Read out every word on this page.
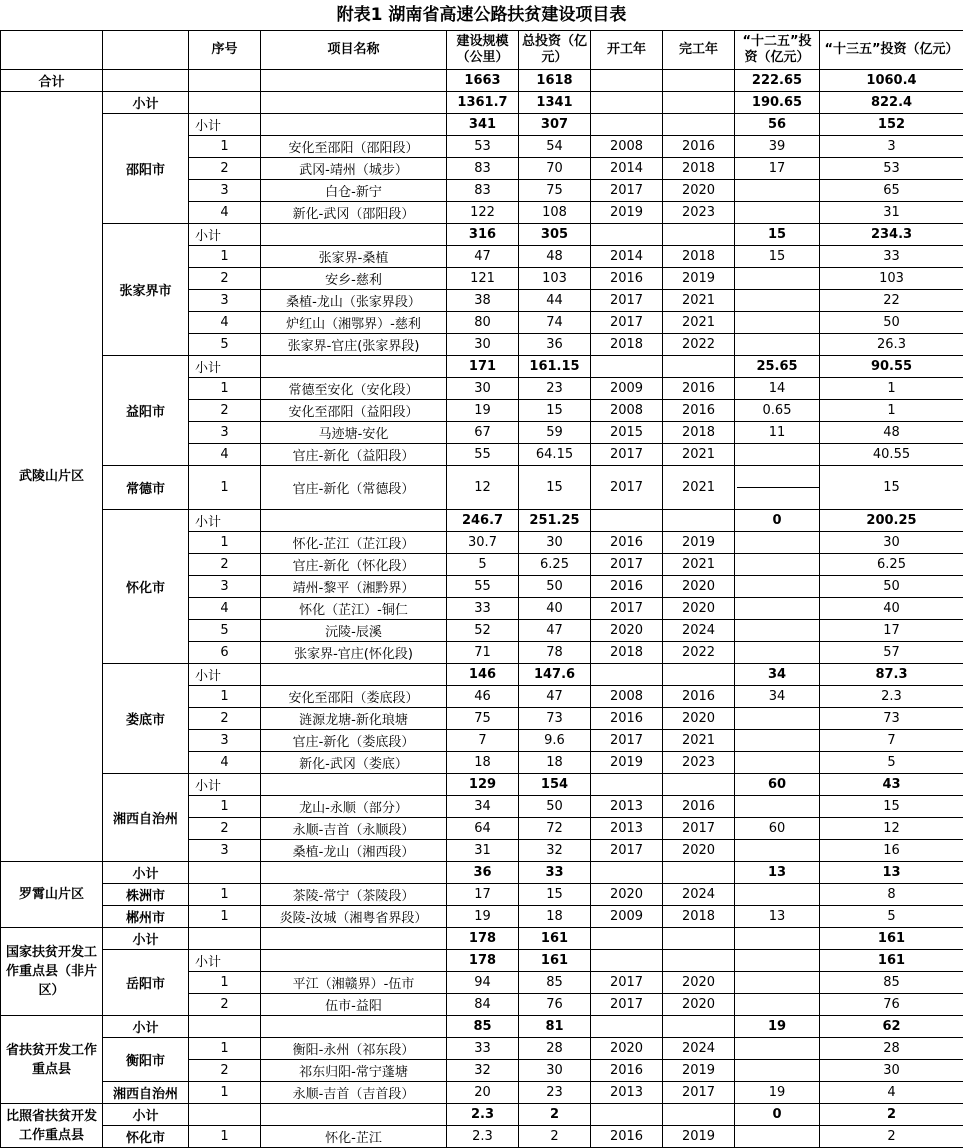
附表1 湖南省高速公路扶贫建设项目表
		序号	项目名称	建设规模（公里）	总投资（亿元）	开工年	完工年	“十二五”投资（亿元）	“十三五”投资（亿元）
合计				1663	1618			222.65	1060.4
武陵山片区	小计			1361.7	1341			190.65	822.4
	邵阳市	小计		341	307			56	152
		1	安化至邵阳（邵阳段）	53	54	2008	2016	39	3
		2	武冈-靖州（城步）	83	70	2014	2018	17	53
		3	白仓-新宁	83	75	2017	2020		65
		4	新化-武冈（邵阳段）	122	108	2019	2023		31
	张家界市	小计		316	305			15	234.3
		1	张家界-桑植	47	48	2014	2018	15	33
		2	安乡-慈利	121	103	2016	2019		103
		3	桑植-龙山（张家界段）	38	44	2017	2021		22
		4	炉红山（湘鄂界）-慈利	80	74	2017	2021		50
		5	张家界-官庄(张家界段)	30	36	2018	2022		26.3
	益阳市	小计		171	161.15			25.65	90.55
		1	常德至安化（安化段）	30	23	2009	2016	14	1
		2	安化至邵阳（益阳段）	19	15	2008	2016	0.65	1
		3	马迹塘-安化	67	59	2015	2018	11	48
		4	官庄-新化（益阳段）	55	64.15	2017	2021		40.55
	常德市	1	官庄-新化（常德段）	12	15	2017	2021		15
	怀化市	小计		246.7	251.25			0	200.25
		1	怀化-芷江（芷江段）	30.7	30	2016	2019		30
		2	官庄-新化（怀化段）	5	6.25	2017	2021		6.25
		3	靖州-黎平（湘黔界）	55	50	2016	2020		50
		4	怀化（芷江）-铜仁	33	40	2017	2020		40
		5	沅陵-辰溪	52	47	2020	2024		17
		6	张家界-官庄(怀化段)	71	78	2018	2022		57
	娄底市	小计		146	147.6			34	87.3
		1	安化至邵阳（娄底段）	46	47	2008	2016	34	2.3
		2	涟源龙塘-新化琅塘	75	73	2016	2020		73
		3	官庄-新化（娄底段）	7	9.6	2017	2021		7
		4	新化-武冈（娄底）	18	18	2019	2023		5
	湘西自治州	小计		129	154			60	43
		1	龙山-永顺（部分）	34	50	2013	2016		15
		2	永顺-吉首（永顺段）	64	72	2013	2017	60	12
		3	桑植-龙山（湘西段）	31	32	2017	2020		16
罗霄山片区	小计			36	33			13	13
	株洲市	1	茶陵-常宁（茶陵段）	17	15	2020	2024		8
	郴州市	1	炎陵-汝城（湘粤省界段）	19	18	2009	2018	13	5
国家扶贫开发工作重点县（非片区）	小计			178	161				161
	岳阳市	小计		178	161				161
		1	平江（湘赣界）-伍市	94	85	2017	2020		85
		2	伍市-益阳	84	76	2017	2020		76
省扶贫开发工作重点县	小计			85	81			19	62
	衡阳市	1	衡阳-永州（祁东段）	33	28	2020	2024		28
		2	祁东归阳-常宁蓬塘	32	30	2016	2019		30
	湘西自治州	1	永顺-吉首（吉首段）	20	23	2013	2017	19	4
比照省扶贫开发工作重点县	小计			2.3	2			0	2
	怀化市	1	怀化-芷江	2.3	2	2016	2019		2
